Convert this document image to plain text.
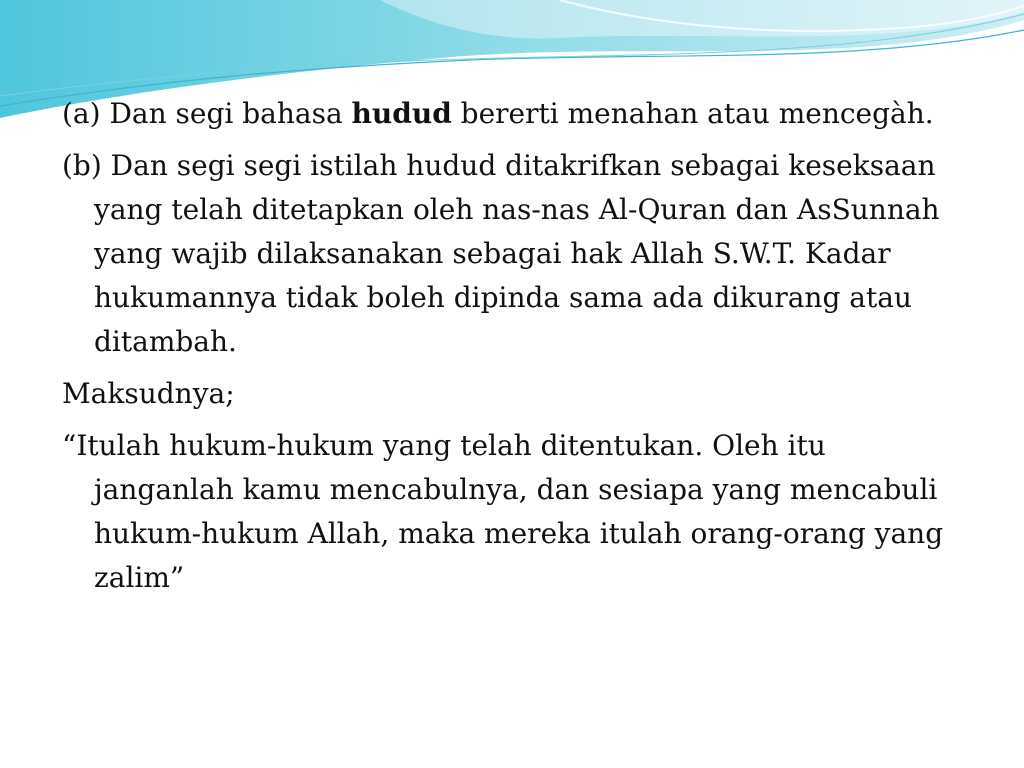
(a) Dan segi bahasa hudud bererti menahan atau mencegàh.

(b) Dan segi segi istilah hudud ditakrifkan sebagai keseksaan yang telah ditetapkan oleh nas-nas Al-Quran dan AsSunnah yang wajib dilaksanakan sebagai hak Allah S.W.T. Kadar hukumannya tidak boleh dipinda sama ada dikurang atau ditambah.

Maksudnya;

“Itulah hukum-hukum yang telah ditentukan. Oleh itu janganlah kamu mencabulnya, dan sesiapa yang mencabuli hukum-hukum Allah, maka mereka itulah orang-orang yang zalim”
